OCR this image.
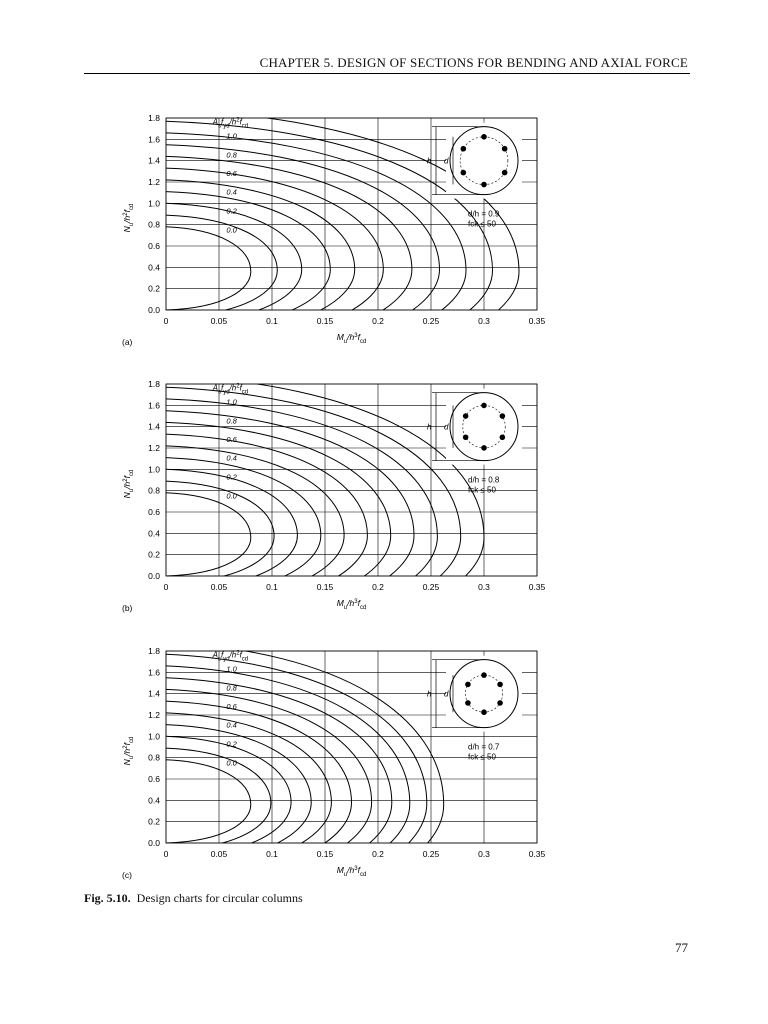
CHAPTER 5. DESIGN OF SECTIONS FOR BENDING AND AXIAL FORCE
0	0.05	0.1	0.15	0.2	0.25	0.3	0.35
0.0
0.2
0.4
0.6
0.8
1.0
1.2
1.4
1.6
1.8
$M_u/h^3f_{cd}$
$N_u/h^2f_{cd}$
(a)
0.0
0.2
0.4
0.6
0.8
1.0
$A_sf_{yd}/h^2f_{cd}$
h d
d/h = 0.9
fck ≤ 50
0	0.05	0.1	0.15	0.2	0.25	0.3	0.35
0.0
0.2
0.4
0.6
0.8
1.0
1.2
1.4
1.6
1.8
$M_u/h^3f_{cd}$
$N_u/h^2f_{cd}$
(b)
0.0
0.2
0.4
0.6
0.8
1.0
$A_sf_{yd}/h^2f_{cd}$
h d
d/h = 0.8
fck ≤ 50
0	0.05	0.1	0.15	0.2	0.25	0.3	0.35
0.0
0.2
0.4
0.6
0.8
1.0
1.2
1.4
1.6
1.8
$M_u/h^3f_{cd}$
$N_u/h^2f_{cd}$
(c)
0.0
0.2
0.4
0.6
0.8
1.0
$A_sf_{yd}/h^2f_{cd}$
h d
d/h = 0.7
fck ≤ 50
Fig. 5.10. Design charts for circular columns
77
